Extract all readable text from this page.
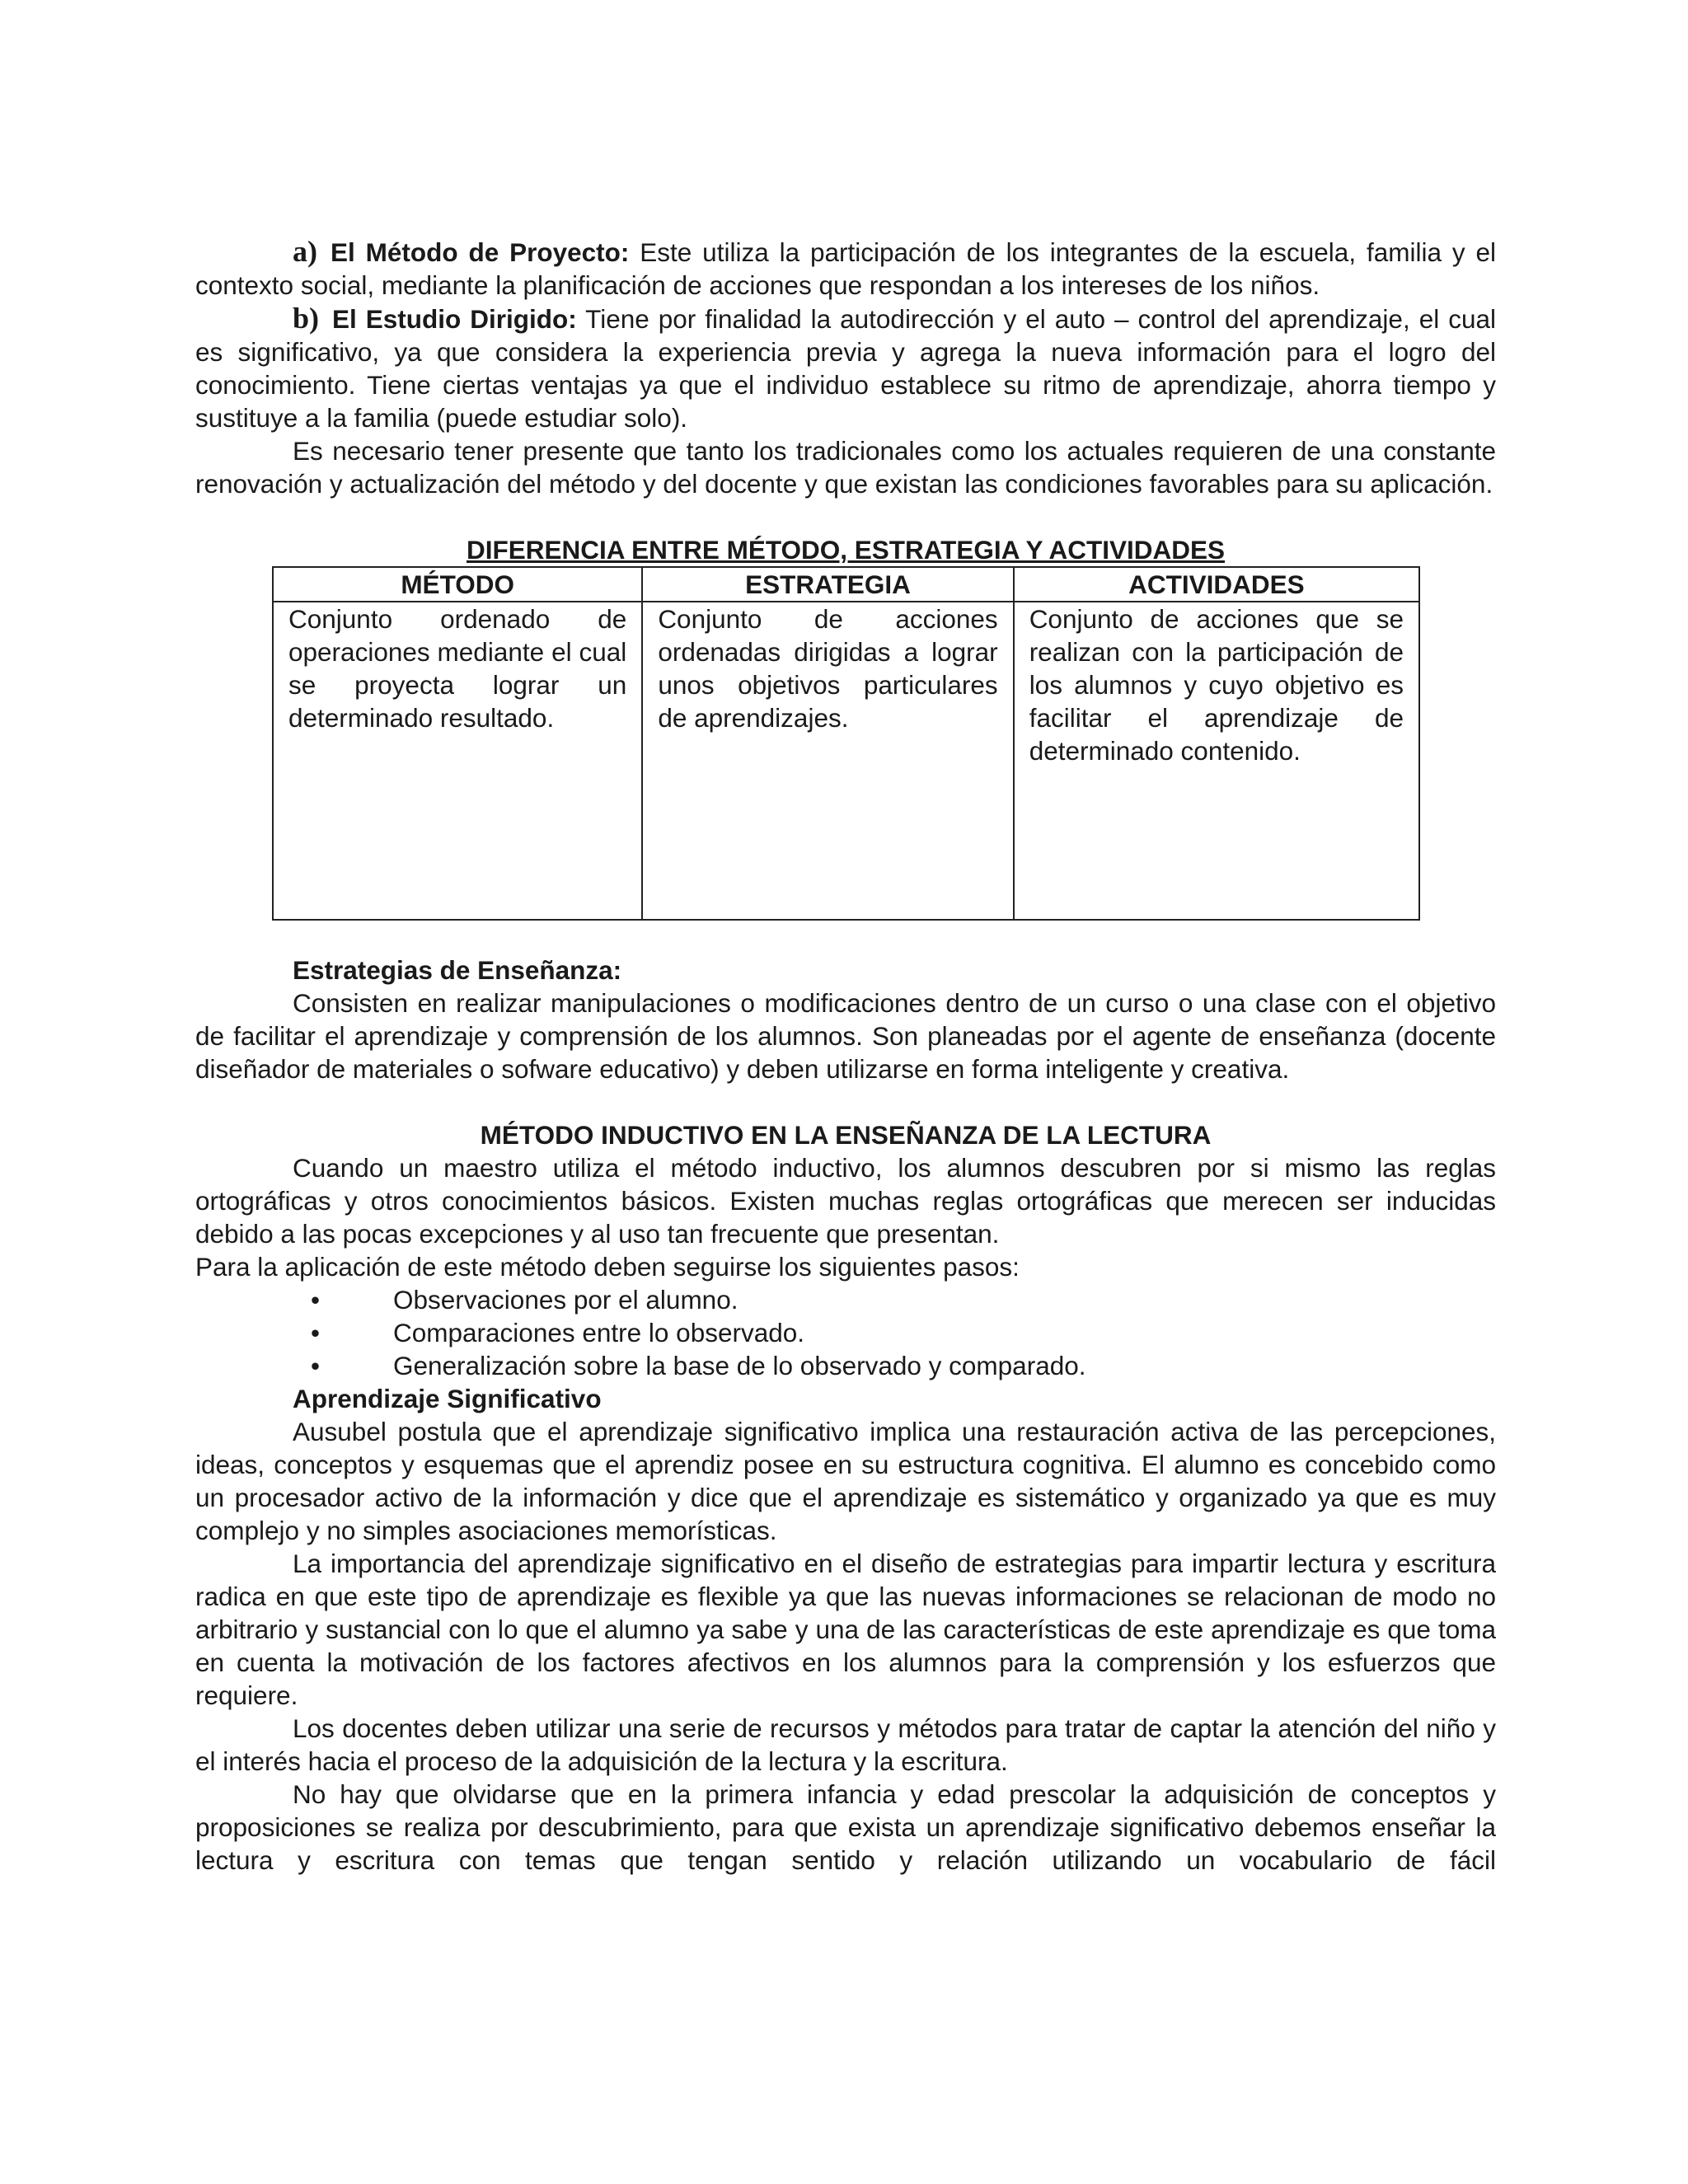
a) El Método de Proyecto: Este utiliza la participación de los integrantes de la escuela, familia y el contexto social, mediante la planificación de acciones que respondan a los intereses de los niños.

b) El Estudio Dirigido: Tiene por finalidad la autodirección y el auto – control del aprendizaje, el cual es significativo, ya que considera la experiencia previa y agrega la nueva información para el logro del conocimiento. Tiene ciertas ventajas ya que el individuo establece su ritmo de aprendizaje, ahorra tiempo y sustituye a la familia (puede estudiar solo).

Es necesario tener presente que tanto los tradicionales como los actuales requieren de una constante renovación y actualización del método y del docente y que existan las condiciones favorables para su aplicación.

DIFERENCIA ENTRE MÉTODO, ESTRATEGIA Y ACTIVIDADES

MÉTODO	ESTRATEGIA	ACTIVIDADES
Conjunto ordenado de operaciones mediante el cual se proyecta lograr un determinado resultado.	Conjunto de acciones ordenadas dirigidas a lograr unos objetivos particulares de aprendizajes.	Conjunto de acciones que se realizan con la participación de los alumnos y cuyo objetivo es facilitar el aprendizaje de determinado contenido.

Estrategias de Enseñanza:

Consisten en realizar manipulaciones o modificaciones dentro de un curso o una clase con el objetivo de facilitar el aprendizaje y comprensión de los alumnos. Son planeadas por el agente de enseñanza (docente diseñador de materiales o sofware educativo) y deben utilizarse en forma inteligente y creativa.

MÉTODO INDUCTIVO EN LA ENSEÑANZA DE LA LECTURA

Cuando un maestro utiliza el método inductivo, los alumnos descubren por si mismo las reglas ortográficas y otros conocimientos básicos. Existen muchas reglas ortográficas que merecen ser inducidas debido a las pocas excepciones y al uso tan frecuente que presentan.

Para la aplicación de este método deben seguirse los siguientes pasos:

•	Observaciones por el alumno.
•	Comparaciones entre lo observado.
•	Generalización sobre la base de lo observado y comparado.

Aprendizaje Significativo

Ausubel postula que el aprendizaje significativo implica una restauración activa de las percepciones, ideas, conceptos y esquemas que el aprendiz posee en su estructura cognitiva. El alumno es concebido como un procesador activo de la información y dice que el aprendizaje es sistemático y organizado ya que es muy complejo y no simples asociaciones memorísticas.

La importancia del aprendizaje significativo en el diseño de estrategias para impartir lectura y escritura radica en que este tipo de aprendizaje es flexible ya que las nuevas informaciones se relacionan de modo no arbitrario y sustancial con lo que el alumno ya sabe y una de las características de este aprendizaje es que toma en cuenta la motivación de los factores afectivos en los alumnos para la comprensión y los esfuerzos que requiere.

Los docentes deben utilizar una serie de recursos y métodos para tratar de captar la atención del niño y el interés hacia el proceso de la adquisición de la lectura y la escritura.

No hay que olvidarse que en la primera infancia y edad prescolar la adquisición de conceptos y proposiciones se realiza por descubrimiento, para que exista un aprendizaje significativo debemos enseñar la lectura y escritura con temas que tengan sentido y relación utilizando un vocabulario de fácil
